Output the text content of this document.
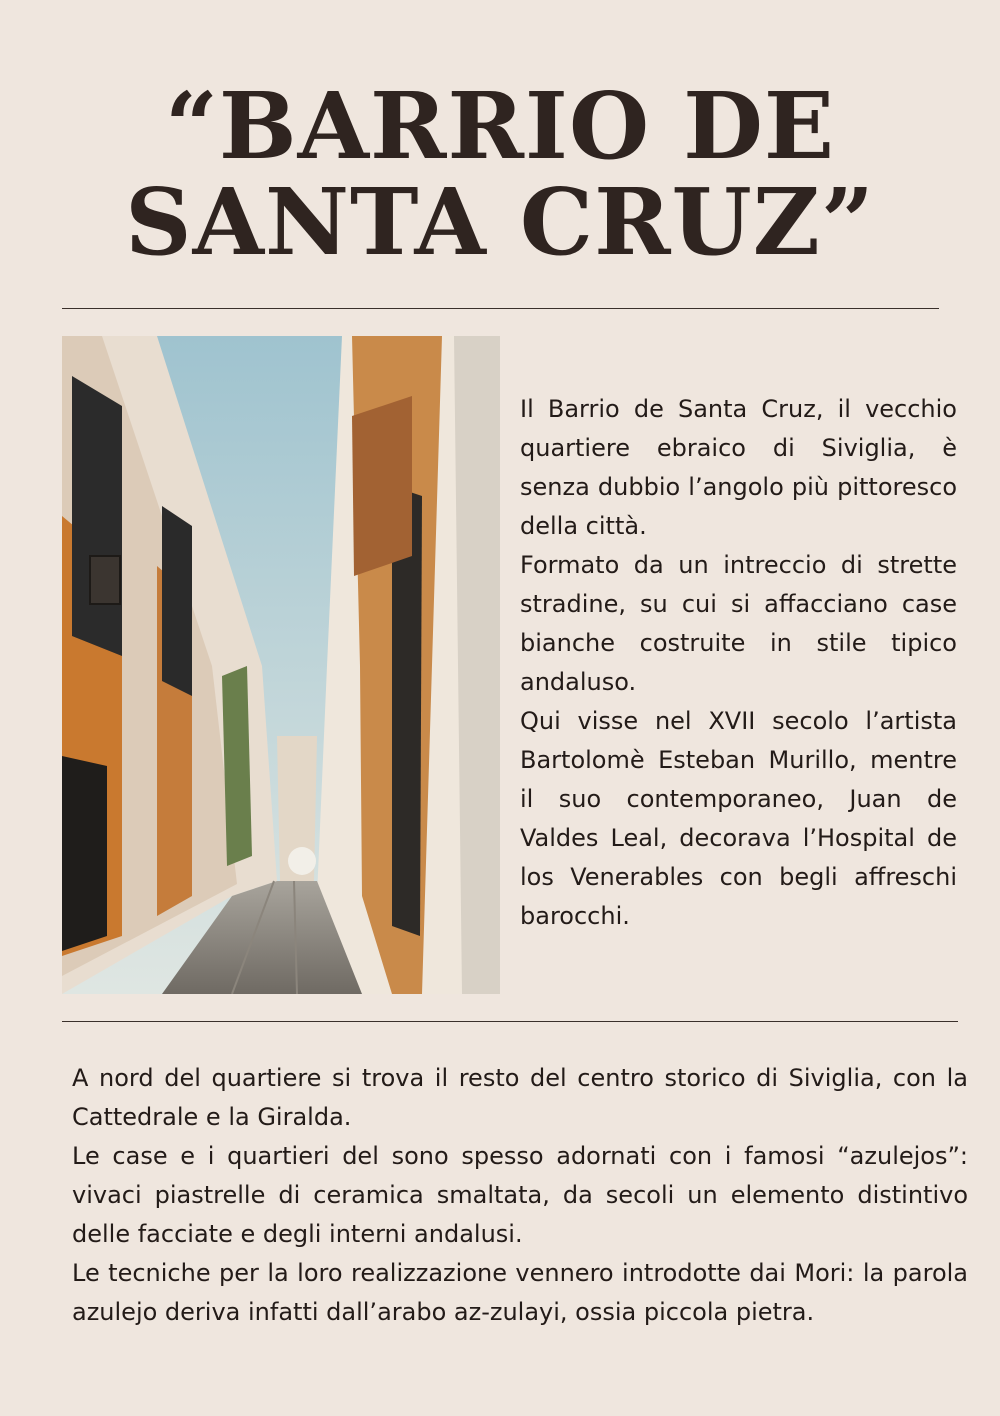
“BARRIO DE
SANTA CRUZ”

Il Barrio de Santa Cruz, il vecchio quartiere ebraico di Siviglia, è senza dubbio l’angolo più pittoresco della città.

Formato da un intreccio di strette stradine, su cui si affacciano case bianche costruite in stile tipico andaluso.

Qui visse nel XVII secolo l’artista Bartolomè Esteban Murillo, mentre il suo contemporaneo, Juan de Valdes Leal, decorava l’Hospital de los Venerables con begli affreschi barocchi.

A nord del quartiere si trova il resto del centro storico di Siviglia, con la Cattedrale e la Giralda.

Le case e i quartieri del sono spesso adornati con i famosi “azulejos”: vivaci piastrelle di ceramica smaltata, da secoli un elemento distintivo delle facciate e degli interni andalusi.

Le tecniche per la loro realizzazione vennero introdotte dai Mori: la parola azulejo deriva infatti dall’arabo az-zulayi, ossia piccola pietra.
